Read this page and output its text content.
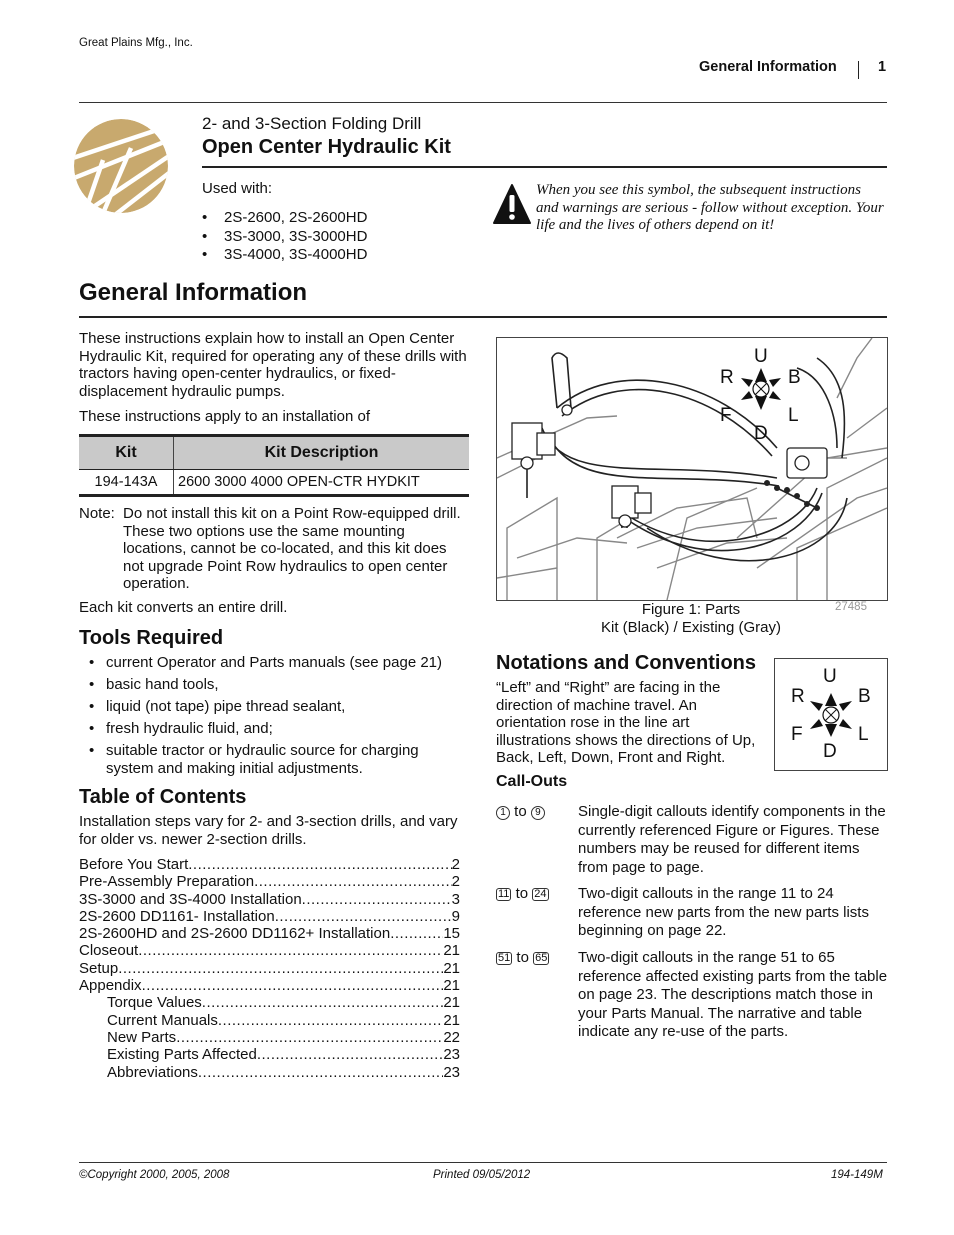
Great Plains Mfg., Inc.
General Information	1
2- and 3-Section Folding Drill
Open Center Hydraulic Kit
Used with:
• 2S-2600, 2S-2600HD
• 3S-3000, 3S-3000HD
• 3S-4000, 3S-4000HD
When you see this symbol, the subsequent instructions and warnings are serious - follow without exception. Your life and the lives of others depend on it!
General Information

These instructions explain how to install an Open Center Hydraulic Kit, required for operating any of these drills with tractors having open-center hydraulics, or fixed-displacement hydraulic pumps.

These instructions apply to an installation of

Kit	Kit Description
194-143A	2600 3000 4000 OPEN-CTR HYDKIT
Note: Do not install this kit on a Point Row-equipped drill. These two options use the same mounting locations, cannot be co-located, and this kit does not upgrade Point Row hydraulics to open center operation.
Each kit converts an entire drill.
Tools Required
• current Operator and Parts manuals (see page 21)
• basic hand tools,
• liquid (not tape) pipe thread sealant,
• fresh hydraulic fluid, and;
• suitable tractor or hydraulic source for charging system and making initial adjustments.
Table of Contents
Installation steps vary for 2- and 3-section drills, and vary for older vs. newer 2-section drills.
Before You Start .....	2
Pre-Assembly Preparation .....	2
3S-3000 and 3S-4000 Installation .....	3
2S-2600 DD1161- Installation .....	9
2S-2600HD and 2S-2600 DD1162+ Installation .....	15
Closeout .....	21
Setup .....	21
Appendix .....	21
Torque Values .....	21
Current Manuals .....	21
New Parts .....	22
Existing Parts Affected .....	23
Abbreviations .....	23
U
R	B
F	L
D
Figure 1: Parts
Kit (Black) / Existing (Gray)
27485
Notations and Conventions
“Left” and “Right” are facing in the direction of machine travel. An orientation rose in the line art illustrations shows the directions of Up, Back, Left, Down, Front and Right.
U
R	B
F	L
D
Call-Outs
1 to 9 Single-digit callouts identify components in the currently referenced Figure or Figures. These numbers may be reused for different items from page to page.
11 to 24 Two-digit callouts in the range 11 to 24 reference new parts from the new parts lists beginning on page 22.
51 to 65 Two-digit callouts in the range 51 to 65 reference affected existing parts from the table on page 23. The descriptions match those in your Parts Manual. The narrative and table indicate any re-use of the parts.
©Copyright 2000, 2005, 2008	Printed 09/05/2012	194-149M
